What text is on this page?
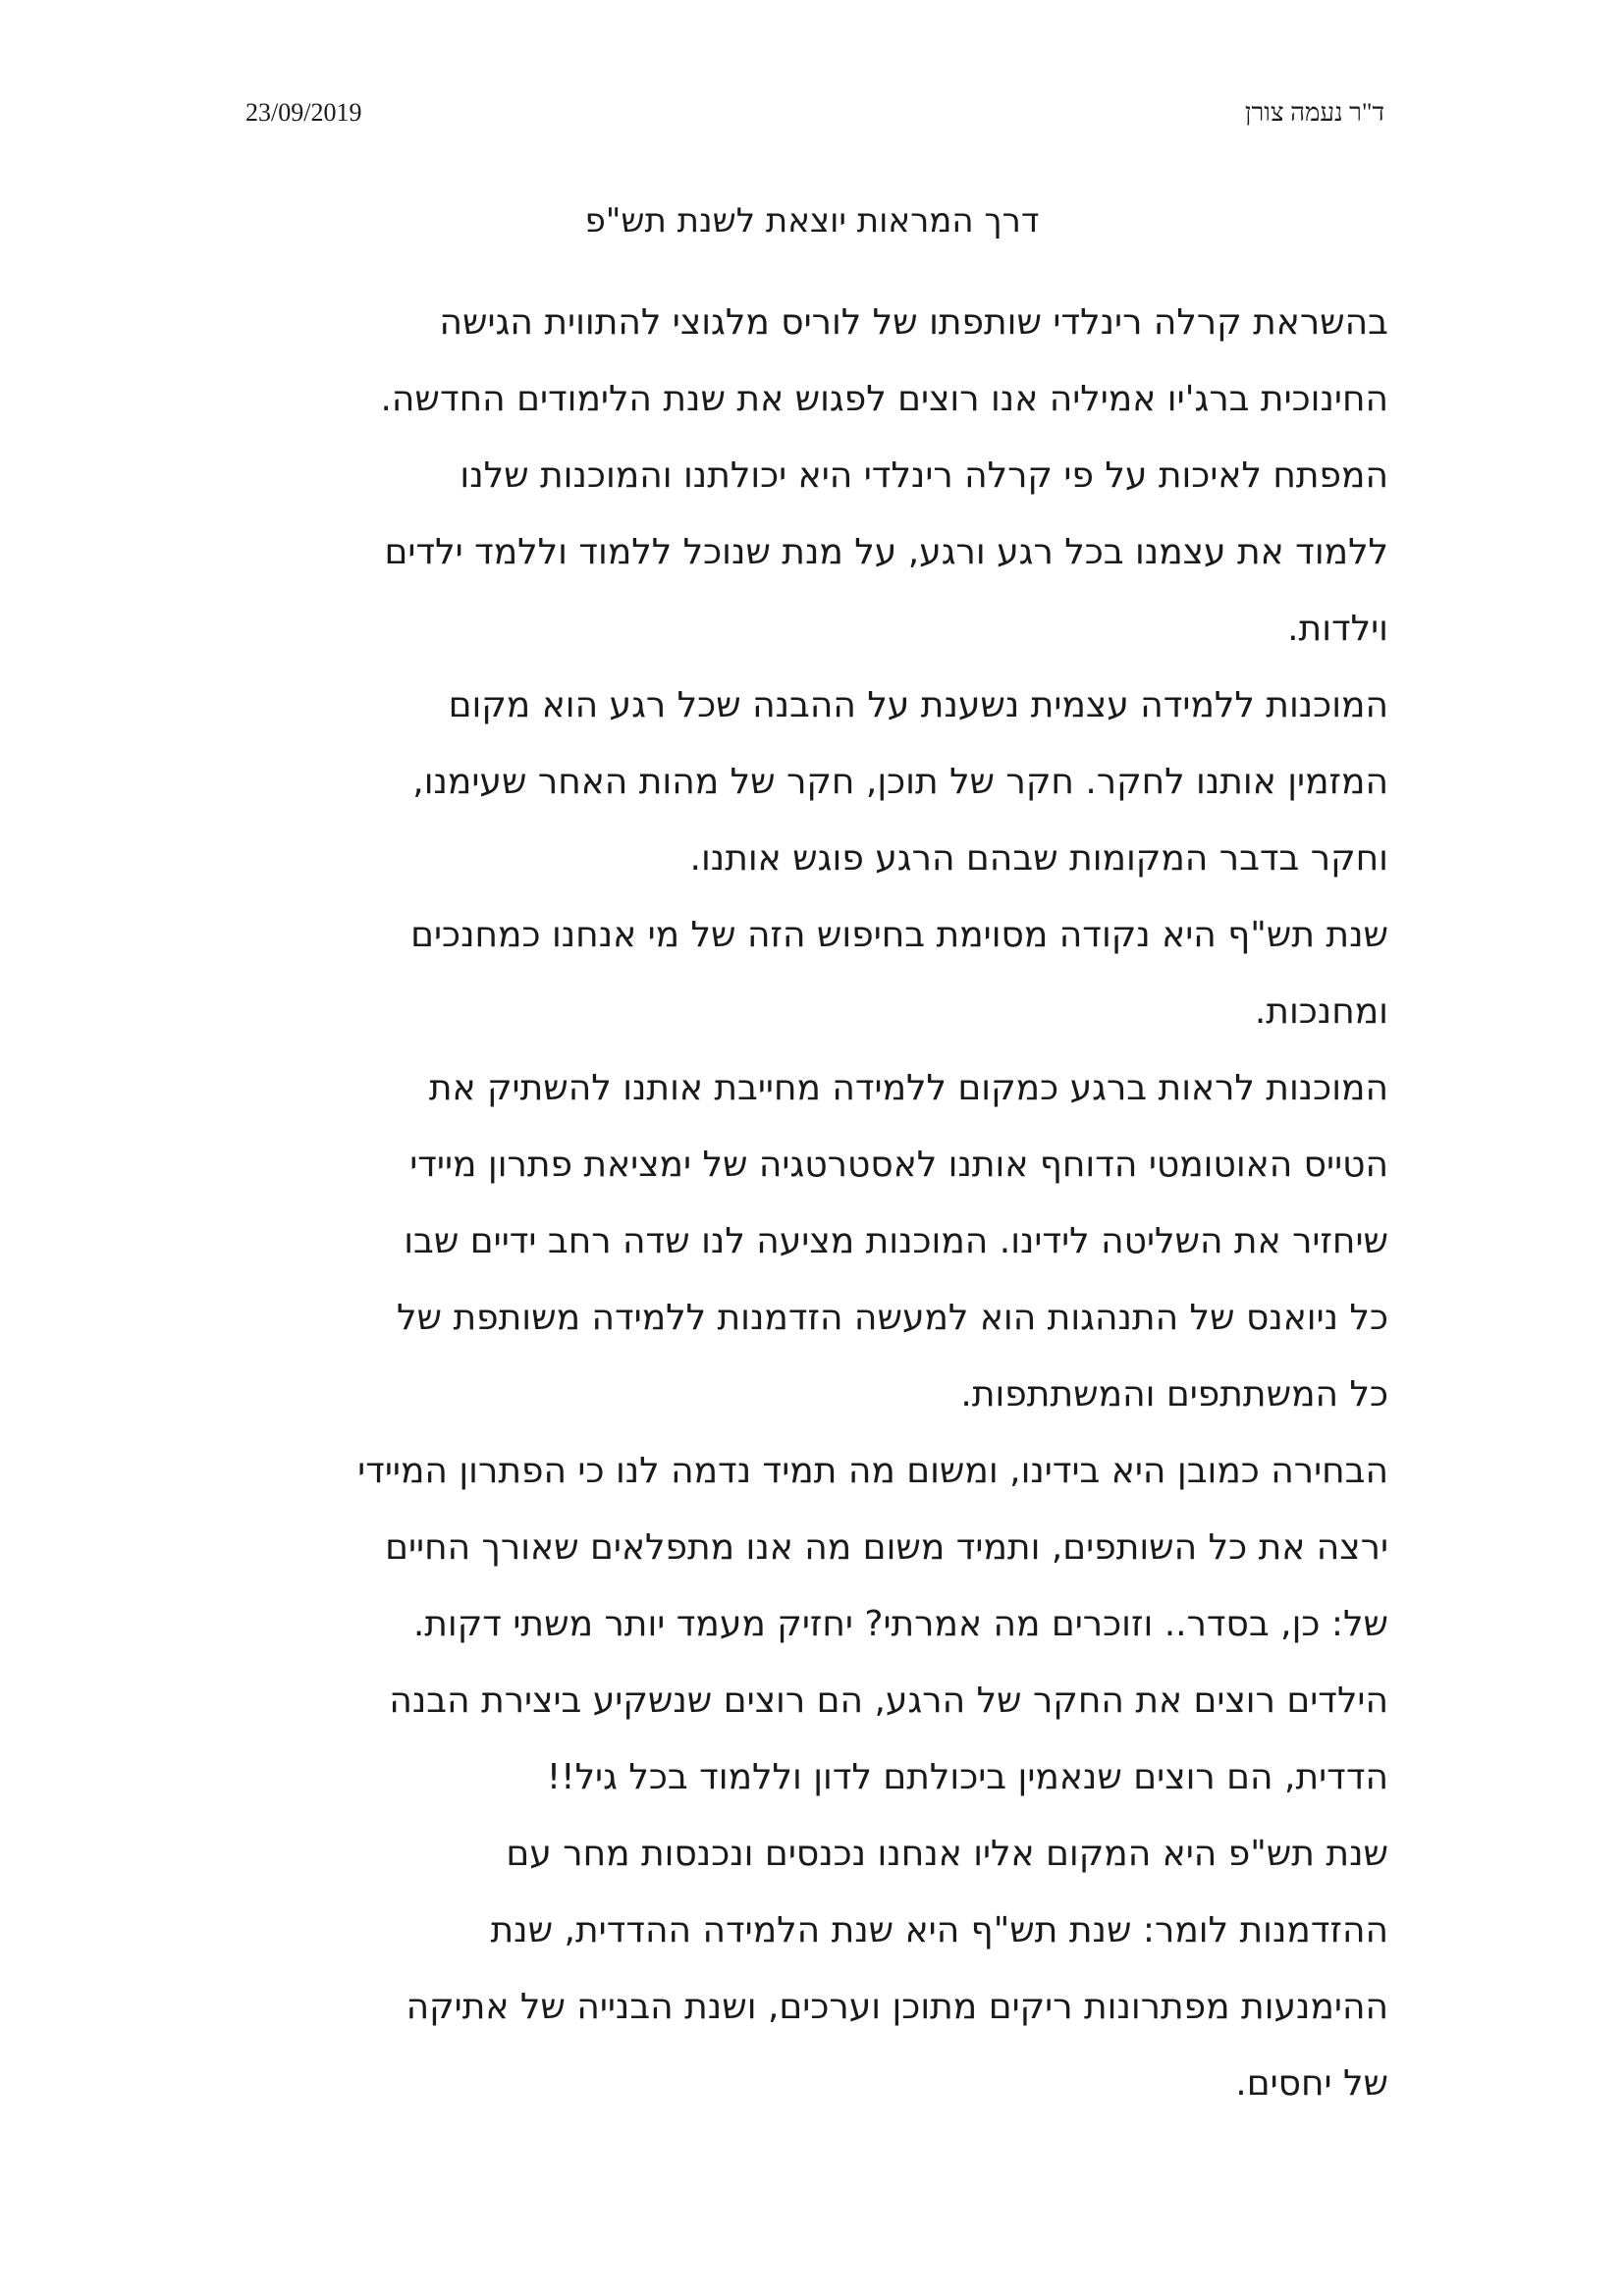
ד"ר נעמה צורן
23/09/2019
דרך המראות יוצאת לשנת תש"פ
בהשראת קרלה רינלדי שותפתו של לוריס מלגוצי להתווית הגישה
החינוכית ברג'יו אמיליה אנו רוצים לפגוש את שנת הלימודים החדשה.
המפתח לאיכות על פי קרלה רינלדי היא יכולתנו והמוכנות שלנו
ללמוד את עצמנו בכל רגע ורגע, על מנת שנוכל ללמוד וללמד ילדים
וילדות.
המוכנות ללמידה עצמית נשענת על ההבנה שכל רגע הוא מקום
המזמין אותנו לחקר. חקר של תוכן, חקר של מהות האחר שעימנו,
וחקר בדבר המקומות שבהם הרגע פוגש אותנו.
שנת תש"ף היא נקודה מסוימת בחיפוש הזה של מי אנחנו כמחנכים
ומחנכות.
המוכנות לראות ברגע כמקום ללמידה מחייבת אותנו להשתיק את
הטייס האוטומטי הדוחף אותנו לאסטרטגיה של ימציאת פתרון מיידי
שיחזיר את השליטה לידינו. המוכנות מציעה לנו שדה רחב ידיים שבו
כל ניואנס של התנהגות הוא למעשה הזדמנות ללמידה משותפת של
כל המשתתפים והמשתתפות.
הבחירה כמובן היא בידינו, ומשום מה תמיד נדמה לנו כי הפתרון המיידי
ירצה את כל השותפים, ותמיד משום מה אנו מתפלאים שאורך החיים
של: כן, בסדר.. וזוכרים מה אמרתי? יחזיק מעמד יותר משתי דקות.
הילדים רוצים את החקר של הרגע, הם רוצים שנשקיע ביצירת הבנה
הדדית, הם רוצים שנאמין ביכולתם לדון וללמוד בכל גיל!!
שנת תש"פ היא המקום אליו אנחנו נכנסים ונכנסות מחר עם
ההזדמנות לומר: שנת תש"ף היא שנת הלמידה ההדדית, שנת
ההימנעות מפתרונות ריקים מתוכן וערכים, ושנת הבנייה של אתיקה
של יחסים.
